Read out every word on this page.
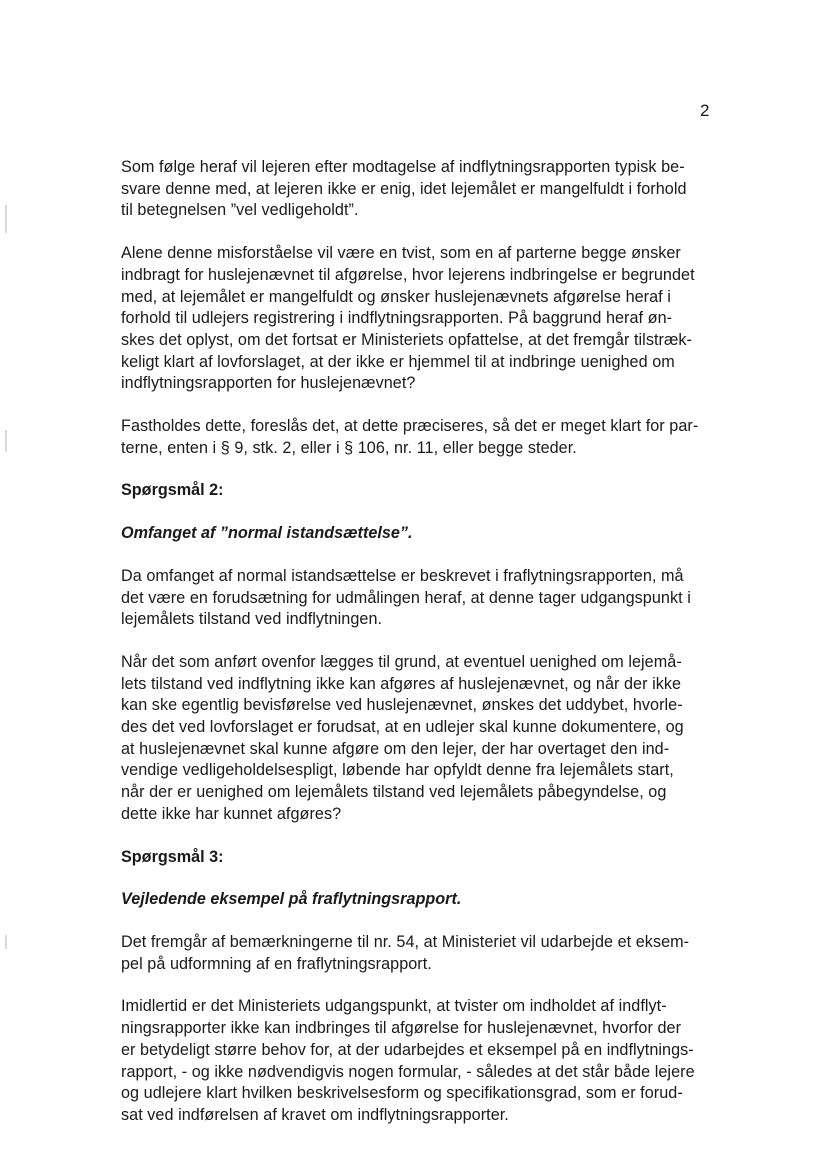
2

Som følge heraf vil lejeren efter modtagelse af indflytningsrapporten typisk be-
svare denne med, at lejeren ikke er enig, idet lejemålet er mangelfuldt i forhold
til betegnelsen ”vel vedligeholdt”.

Alene denne misforståelse vil være en tvist, som en af parterne begge ønsker
indbragt for huslejenævnet til afgørelse, hvor lejerens indbringelse er begrundet
med, at lejemålet er mangelfuldt og ønsker huslejenævnets afgørelse heraf i
forhold til udlejers registrering i indflytningsrapporten. På baggrund heraf øn-
skes det oplyst, om det fortsat er Ministeriets opfattelse, at det fremgår tilstræk-
keligt klart af lovforslaget, at der ikke er hjemmel til at indbringe uenighed om
indflytningsrapporten for huslejenævnet?

Fastholdes dette, foreslås det, at dette præciseres, så det er meget klart for par-
terne, enten i § 9, stk. 2, eller i § 106, nr. 11, eller begge steder.

Spørgsmål 2:

Omfanget af ”normal istandsættelse”.

Da omfanget af normal istandsættelse er beskrevet i fraflytningsrapporten, må
det være en forudsætning for udmålingen heraf, at denne tager udgangspunkt i
lejemålets tilstand ved indflytningen.

Når det som anført ovenfor lægges til grund, at eventuel uenighed om lejemå-
lets tilstand ved indflytning ikke kan afgøres af huslejenævnet, og når der ikke
kan ske egentlig bevisførelse ved huslejenævnet, ønskes det uddybet, hvorle-
des det ved lovforslaget er forudsat, at en udlejer skal kunne dokumentere, og
at huslejenævnet skal kunne afgøre om den lejer, der har overtaget den ind-
vendige vedligeholdelsespligt, løbende har opfyldt denne fra lejemålets start,
når der er uenighed om lejemålets tilstand ved lejemålets påbegyndelse, og
dette ikke har kunnet afgøres?

Spørgsmål 3:

Vejledende eksempel på fraflytningsrapport.

Det fremgår af bemærkningerne til nr. 54, at Ministeriet vil udarbejde et eksem-
pel på udformning af en fraflytningsrapport.

Imidlertid er det Ministeriets udgangspunkt, at tvister om indholdet af indflyt-
ningsrapporter ikke kan indbringes til afgørelse for huslejenævnet, hvorfor der
er betydeligt større behov for, at der udarbejdes et eksempel på en indflytnings-
rapport, - og ikke nødvendigvis nogen formular, - således at det står både lejere
og udlejere klart hvilken beskrivelsesform og specifikationsgrad, som er forud-
sat ved indførelsen af kravet om indflytningsrapporter.
